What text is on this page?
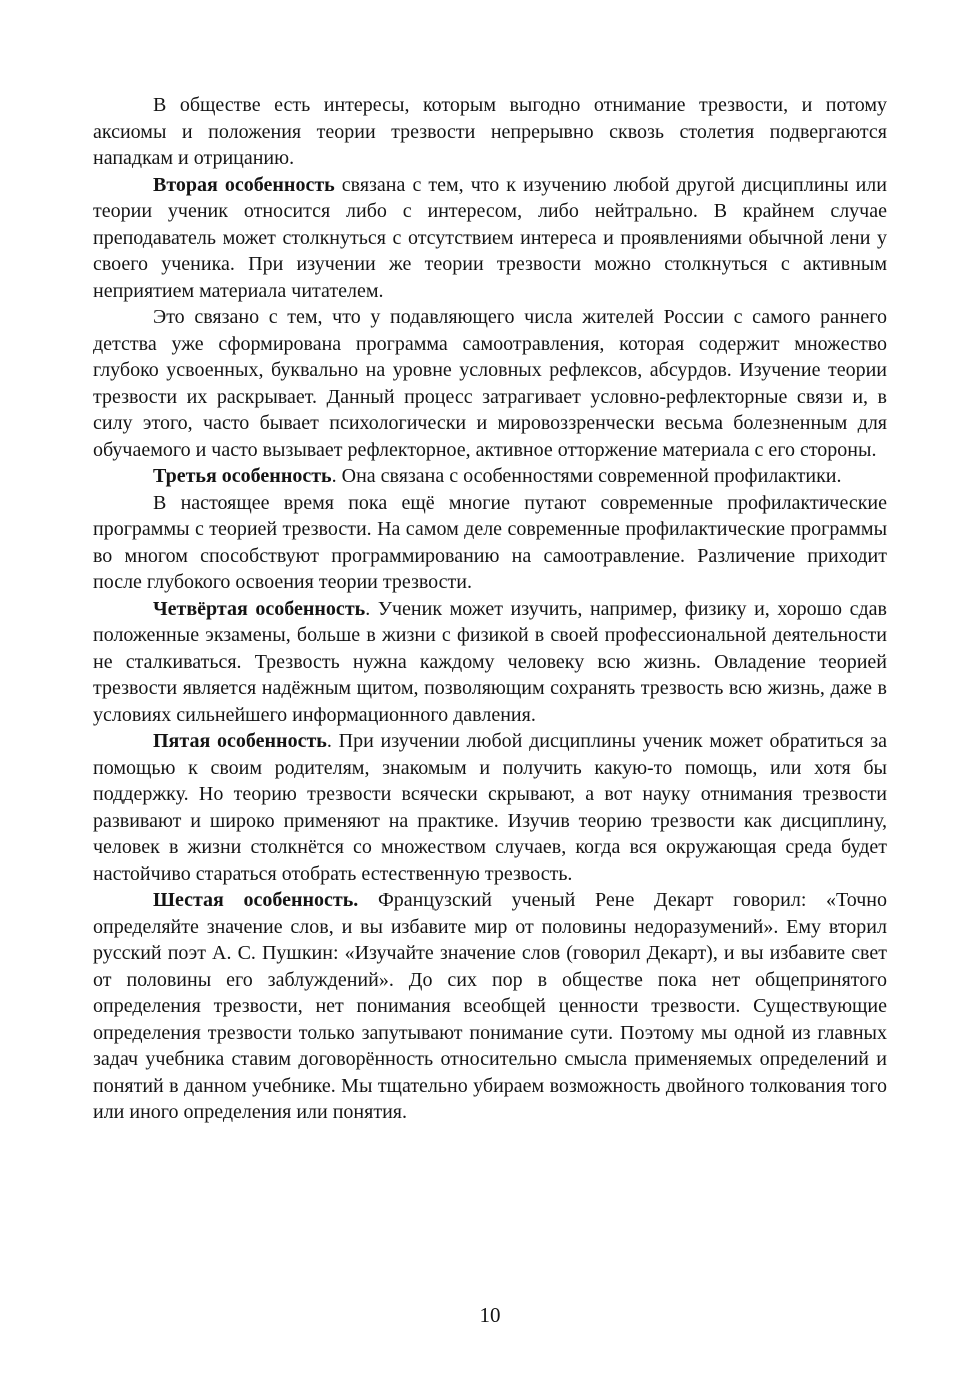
В обществе есть интересы, которым выгодно отнимание трезвости, и потому аксиомы и положения теории трезвости непрерывно сквозь столетия подвергаются нападкам и отрицанию.

Вторая особенность связана с тем, что к изучению любой другой дисциплины или теории ученик относится либо с интересом, либо нейтрально. В крайнем случае преподаватель может столкнуться с отсутствием интереса и проявлениями обычной лени у своего ученика. При изучении же теории трезвости можно столкнуться с активным неприятием материала читателем.

Это связано с тем, что у подавляющего числа жителей России с самого раннего детства уже сформирована программа самоотравления, которая содержит множество глубоко усвоенных, буквально на уровне условных рефлексов, абсурдов. Изучение теории трезвости их раскрывает. Данный процесс затрагивает условно-рефлекторные связи и, в силу этого, часто бывает психологически и мировоззренчески весьма болезненным для обучаемого и часто вызывает рефлекторное, активное отторжение материала с его стороны.

Третья особенность. Она связана с особенностями современной профилактики.

В настоящее время пока ещё многие путают современные профилактические программы с теорией трезвости. На самом деле современные профилактические программы во многом способствуют программированию на самоотравление. Различение приходит после глубокого освоения теории трезвости.

Четвёртая особенность. Ученик может изучить, например, физику и, хорошо сдав положенные экзамены, больше в жизни с физикой в своей профессиональной деятельности не сталкиваться. Трезвость нужна каждому человеку всю жизнь. Овладение теорией трезвости является надёжным щитом, позволяющим сохранять трезвость всю жизнь, даже в условиях сильнейшего информационного давления.

Пятая особенность. При изучении любой дисциплины ученик может обратиться за помощью к своим родителям, знакомым и получить какую-то помощь, или хотя бы поддержку. Но теорию трезвости всячески скрывают, а вот науку отнимания трезвости развивают и широко применяют на практике. Изучив теорию трезвости как дисциплину, человек в жизни столкнётся со множеством случаев, когда вся окружающая среда будет настойчиво стараться отобрать естественную трезвость.

Шестая особенность. Французский ученый Рене Декарт говорил: «Точно определяйте значение слов, и вы избавите мир от половины недоразумений». Ему вторил русский поэт А. С. Пушкин: «Изучайте значение слов (говорил Декарт), и вы избавите свет от половины его заблуждений». До сих пор в обществе пока нет общепринятого определения трезвости, нет понимания всеобщей ценности трезвости. Существующие определения трезвости только запутывают понимание сути. Поэтому мы одной из главных задач учебника ставим договорённость относительно смысла применяемых определений и понятий в данном учебнике. Мы тщательно убираем возможность двойного толкования того или иного определения или понятия.

10
